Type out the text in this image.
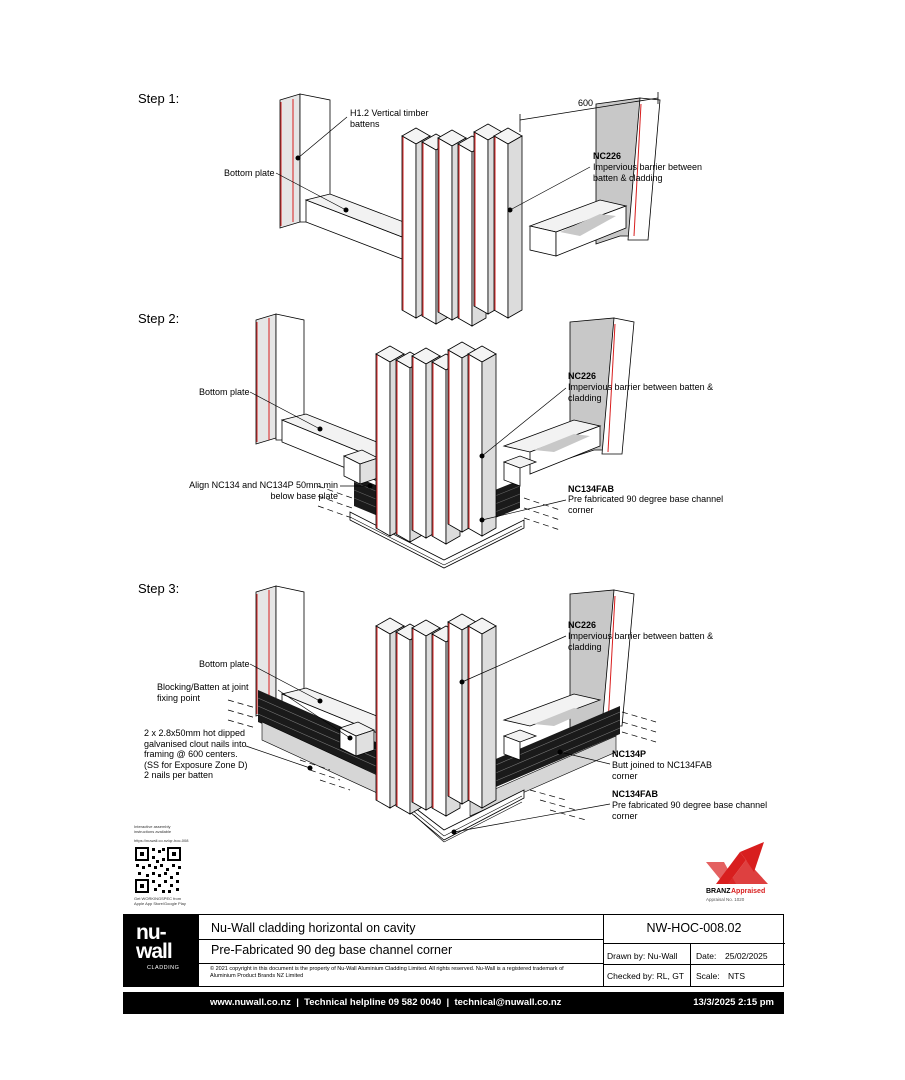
Step 1:
Step 2:
Step 3:
H1.2 Vertical timber
battens
Bottom plate
600
NC226
Impervious barrier between
batten & cladding
Bottom plate
NC226
Impervious barrier between batten &
cladding
Align NC134 and NC134P 50mm min
below base plate
NC134FAB
Pre fabricated 90 degree base channel
corner
Bottom plate
Blocking/Batten at joint
fixing point
2 x 2.8x50mm hot dipped
galvanised clout nails into
framing @ 600 centers.
(SS for Exposure Zone D)
2 nails per batten
NC226
Impervious barrier between batten &
cladding
NC134P
Butt joined to NC134FAB
corner
NC134FAB
Pre fabricated 90 degree base channel
corner
Interactive assembly
instructions available
https://nuwall.co.nz/qr-hoc-008
Get WORKINGSPEC from
Apple App Store/Google Play
BRANZ Appraised
Appraisal No. 1020
nu-
wall
CLADDING
Nu-Wall cladding horizontal on cavity
Pre-Fabricated 90 deg base channel corner
© 2021 copyright in this document is the property of Nu-Wall Aluminium Cladding Limited. All rights reserved. Nu-Wall is a registered trademark of Aluminium Product Brands NZ Limited
NW-HOC-008.02
Drawn by: Nu-Wall Date: 25/02/2025
Checked by: RL, GT Scale: NTS
www.nuwall.co.nz  |  Technical helpline 09 582 0040  |  technical@nuwall.co.nz	13/3/2025 2:15 pm
